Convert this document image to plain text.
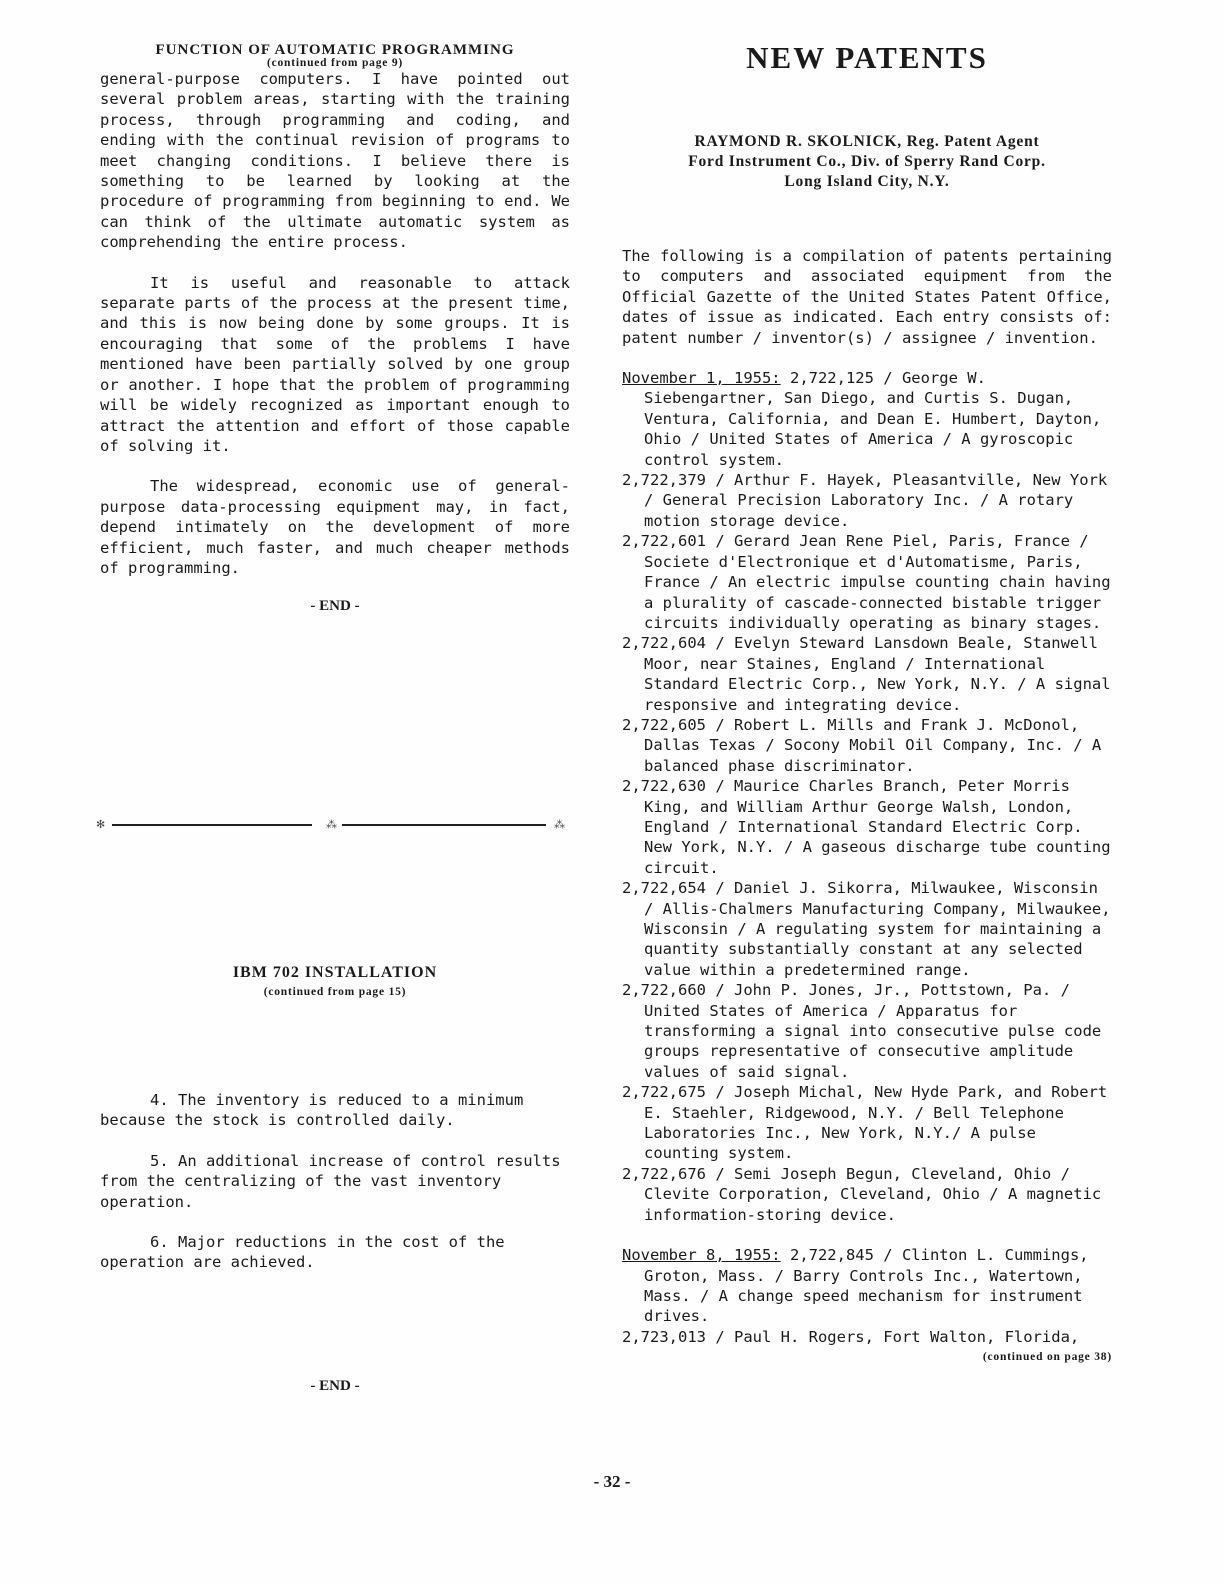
FUNCTION OF AUTOMATIC PROGRAMMING

(continued from page 9)

general-purpose computers. I have pointed out several problem areas, starting with the training process, through programming and coding, and ending with the continual revision of programs to meet changing conditions. I believe there is something to be learned by looking at the procedure of programming from beginning to end. We can think of the ultimate automatic system as comprehending the entire process.

It is useful and reasonable to attack separate parts of the process at the present time, and this is now being done by some groups. It is encouraging that some of the problems I have mentioned have been partially solved by one group or another. I hope that the problem of programming will be widely recognized as important enough to attract the attention and effort of those capable of solving it.

The widespread, economic use of general-purpose data-processing equipment may, in fact, depend intimately on the development of more efficient, much faster, and much cheaper methods of programming.

- END -

✻	⁂	⁂
IBM 702 INSTALLATION

(continued from page 15)

4. The inventory is reduced to a minimum because the stock is controlled daily.

5. An additional increase of control results from the centralizing of the vast inventory operation.

6. Major reductions in the cost of the operation are achieved.

- END -

NEW PATENTS
RAYMOND R. SKOLNICK, Reg. Patent Agent
Ford Instrument Co., Div. of Sperry Rand Corp.
Long Island City, N.Y.

The following is a compilation of patents pertaining to computers and associated equipment from the Official Gazette of the United States Patent Office, dates of issue as indicated. Each entry consists of: patent number / inventor(s) / assignee / invention.

November 1, 1955: 2,722,125 / George W. Siebengartner, San Diego, and Curtis S. Dugan, Ventura, California, and Dean E. Humbert, Dayton, Ohio / United States of America / A gyroscopic control system.
2,722,379 / Arthur F. Hayek, Pleasantville, New York / General Precision Laboratory Inc. / A rotary motion storage device.
2,722,601 / Gerard Jean Rene Piel, Paris, France / Societe d'Electronique et d'Automatisme, Paris, France / An electric impulse counting chain having a plurality of cascade-connected bistable trigger circuits individually operating as binary stages.
2,722,604 / Evelyn Steward Lansdown Beale, Stanwell Moor, near Staines, England / International Standard Electric Corp., New York, N.Y. / A signal responsive and integrating device.
2,722,605 / Robert L. Mills and Frank J. McDonol, Dallas Texas / Socony Mobil Oil Company, Inc. / A balanced phase discriminator.
2,722,630 / Maurice Charles Branch, Peter Morris King, and William Arthur George Walsh, London, England / International Standard Electric Corp. New York, N.Y. / A gaseous discharge tube counting circuit.
2,722,654 / Daniel J. Sikorra, Milwaukee, Wisconsin / Allis-Chalmers Manufacturing Company, Milwaukee, Wisconsin / A regulating system for maintaining a quantity substantially constant at any selected value within a predetermined range.
2,722,660 / John P. Jones, Jr., Pottstown, Pa. / United States of America / Apparatus for transforming a signal into consecutive pulse code groups representative of consecutive amplitude values of said signal.
2,722,675 / Joseph Michal, New Hyde Park, and Robert E. Staehler, Ridgewood, N.Y. / Bell Telephone Laboratories Inc., New York, N.Y./ A pulse counting system.
2,722,676 / Semi Joseph Begun, Cleveland, Ohio / Clevite Corporation, Cleveland, Ohio / A magnetic information-storing device.
November 8, 1955: 2,722,845 / Clinton L. Cummings, Groton, Mass. / Barry Controls Inc., Watertown, Mass. / A change speed mechanism for instrument drives.
2,723,013 / Paul H. Rogers, Fort Walton, Florida,

(continued on page 38)

- 32 -
